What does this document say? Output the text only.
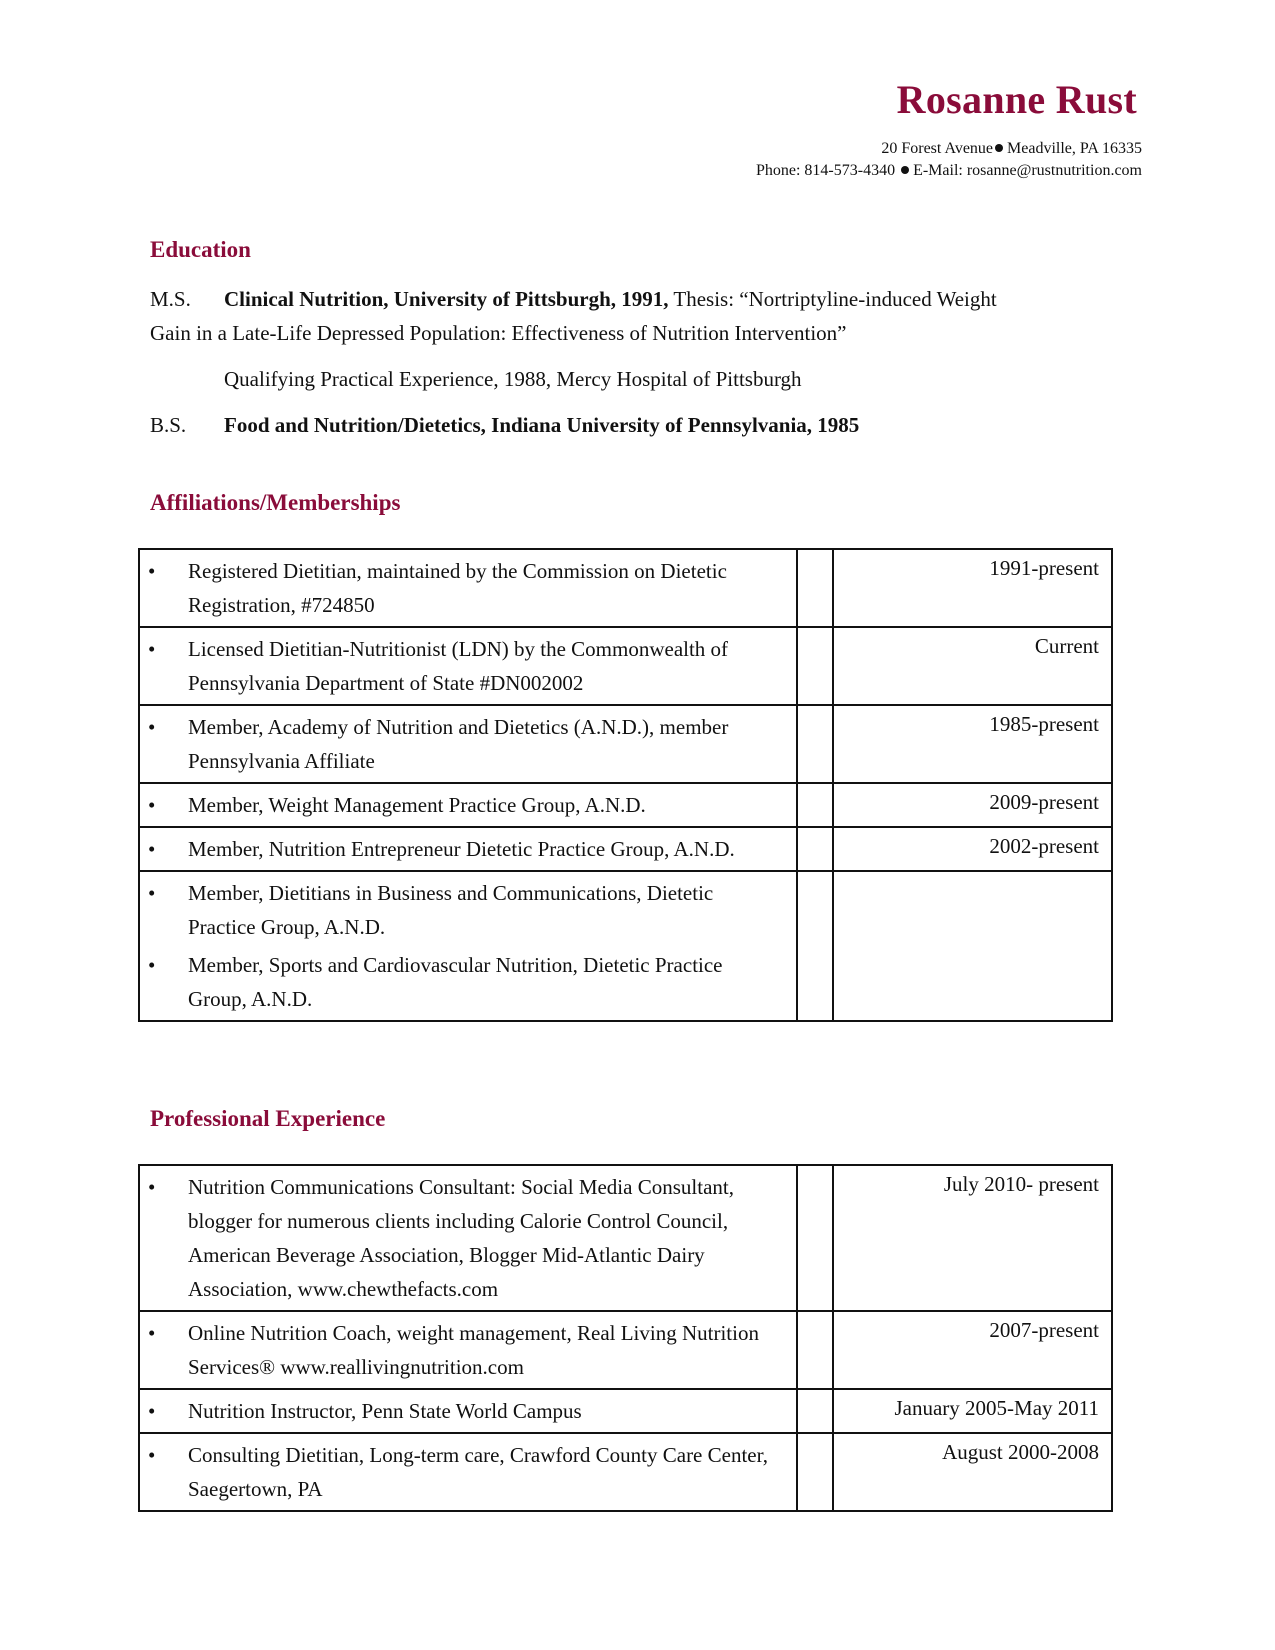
Rosanne Rust
20 Forest Avenue Meadville, PA 16335
Phone: 814-573-4340 E-Mail: rosanne@rustnutrition.com
Education
M.S. Clinical Nutrition, University of Pittsburgh, 1991, Thesis: “Nortriptyline-induced Weight
Gain in a Late-Life Depressed Population: Effectiveness of Nutrition Intervention”
Qualifying Practical Experience, 1988, Mercy Hospital of Pittsburgh
B.S. Food and Nutrition/Dietetics, Indiana University of Pennsylvania, 1985
Affiliations/Memberships
• Registered Dietitian, maintained by the Commission on Dietetic Registration, #724850		1991-present

• Licensed Dietitian-Nutritionist (LDN) by the Commonwealth of Pennsylvania Department of State #DN002002		Current

• Member, Academy of Nutrition and Dietetics (A.N.D.), member Pennsylvania Affiliate		1985-present

• Member, Weight Management Practice Group, A.N.D.		2009-present

• Member, Nutrition Entrepreneur Dietetic Practice Group, A.N.D.		2002-present

• Member, Dietitians in Business and Communications, Dietetic Practice Group, A.N.D.
• Member, Sports and Cardiovascular Nutrition, Dietetic Practice Group, A.N.D.		

Professional Experience
• Nutrition Communications Consultant: Social Media Consultant, blogger for numerous clients including Calorie Control Council, American Beverage Association, Blogger Mid-Atlantic Dairy Association, www.chewthefacts.com		July 2010- present

• Online Nutrition Coach, weight management, Real Living Nutrition Services® www.reallivingnutrition.com		2007-present

• Nutrition Instructor, Penn State World Campus		January 2005-May 2011

• Consulting Dietitian, Long-term care, Crawford County Care Center, Saegertown, PA		August 2000-2008
